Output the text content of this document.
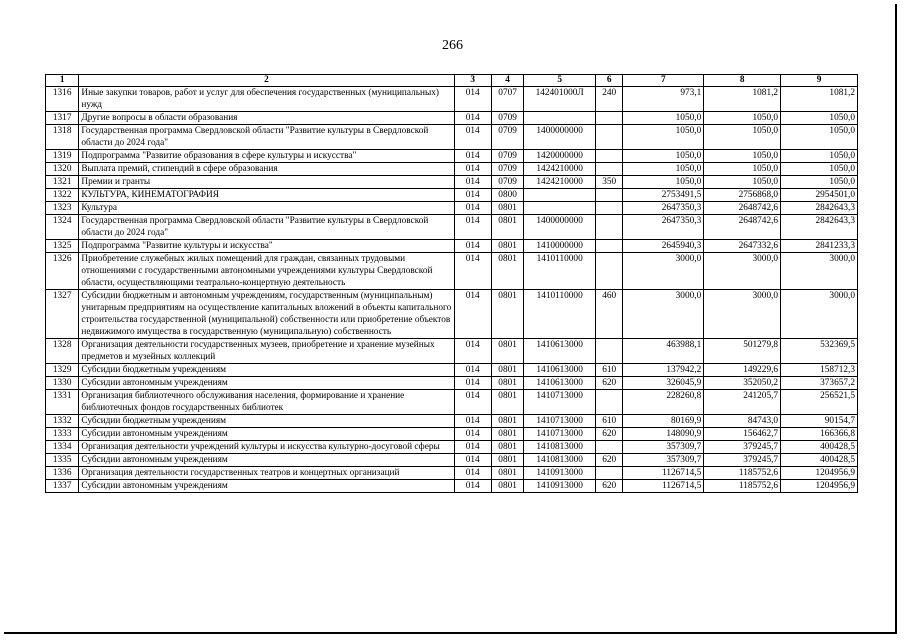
266
1	2	3	4	5	6	7	8	9
1316	Иные закупки товаров, работ и услуг для обеспечения государственных (муниципальных) нужд	014	0707	142401000Л	240	973,1	1081,2	1081,2
1317	Другие вопросы в области образования	014	0709			1050,0	1050,0	1050,0
1318	Государственная программа Свердловской области "Развитие культуры в Свердловской области до 2024 года"	014	0709	1400000000		1050,0	1050,0	1050,0
1319	Подпрограмма "Развитие образования в сфере культуры и искусства"	014	0709	1420000000		1050,0	1050,0	1050,0
1320	Выплата премий, стипендий в сфере образования	014	0709	1424210000		1050,0	1050,0	1050,0
1321	Премии и гранты	014	0709	1424210000	350	1050,0	1050,0	1050,0
1322	КУЛЬТУРА, КИНЕМАТОГРАФИЯ	014	0800			2753491,5	2756868,0	2954501,0
1323	Культура	014	0801			2647350,3	2648742,6	2842643,3
1324	Государственная программа Свердловской области "Развитие культуры в Свердловской области до 2024 года"	014	0801	1400000000		2647350,3	2648742,6	2842643,3
1325	Подпрограмма "Развитие культуры и искусства"	014	0801	1410000000		2645940,3	2647332,6	2841233,3
1326	Приобретение служебных жилых помещений для граждан, связанных трудовыми отношениями с государственными автономными учреждениями культуры Свердловской области, осуществляющими театрально-концертную деятельность	014	0801	1410110000		3000,0	3000,0	3000,0
1327	Субсидии бюджетным и автономным учреждениям, государственным (муниципальным) унитарным предприятиям на осуществление капитальных вложений в объекты капитального строительства государственной (муниципальной) собственности или приобретение объектов недвижимого имущества в государственную (муниципальную) собственность	014	0801	1410110000	460	3000,0	3000,0	3000,0
1328	Организация деятельности государственных музеев, приобретение и хранение музейных предметов и музейных коллекций	014	0801	1410613000		463988,1	501279,8	532369,5
1329	Субсидии бюджетным учреждениям	014	0801	1410613000	610	137942,2	149229,6	158712,3
1330	Субсидии автономным учреждениям	014	0801	1410613000	620	326045,9	352050,2	373657,2
1331	Организация библиотечного обслуживания населения, формирование и хранение библиотечных фондов государственных библиотек	014	0801	1410713000		228260,8	241205,7	256521,5
1332	Субсидии бюджетным учреждениям	014	0801	1410713000	610	80169,9	84743,0	90154,7
1333	Субсидии автономным учреждениям	014	0801	1410713000	620	148090,9	156462,7	166366,8
1334	Организация деятельности учреждений культуры и искусства культурно-досуговой сферы	014	0801	1410813000		357309,7	379245,7	400428,5
1335	Субсидии автономным учреждениям	014	0801	1410813000	620	357309,7	379245,7	400428,5
1336	Организация деятельности государственных театров и концертных организаций	014	0801	1410913000		1126714,5	1185752,6	1204956,9
1337	Субсидии автономным учреждениям	014	0801	1410913000	620	1126714,5	1185752,6	1204956,9
